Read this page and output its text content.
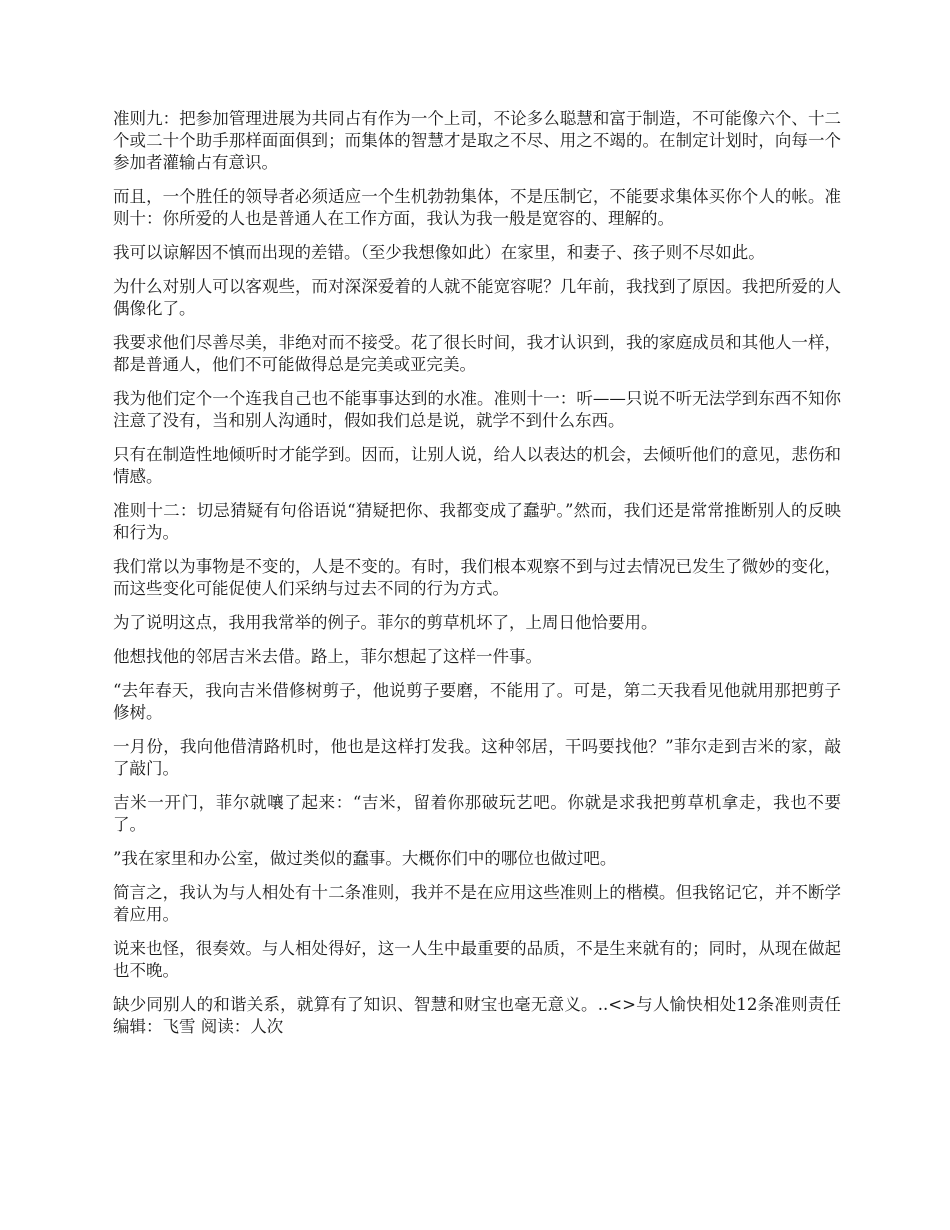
准则九：把参加管理进展为共同占有作为一个上司，不论多么聪慧和富于制造，不可能像六个、十二个或二十个助手那样面面俱到；而集体的智慧才是取之不尽、用之不竭的。在制定计划时，向每一个参加者灌输占有意识。

而且，一个胜任的领导者必须适应一个生机勃勃集体，不是压制它，不能要求集体买你个人的帐。准则十：你所爱的人也是普通人在工作方面，我认为我一般是宽容的、理解的。

我可以谅解因不慎而出现的差错。（至少我想像如此）在家里，和妻子、孩子则不尽如此。

为什么对别人可以客观些，而对深深爱着的人就不能宽容呢？几年前，我找到了原因。我把所爱的人偶像化了。

我要求他们尽善尽美，非绝对而不接受。花了很长时间，我才认识到，我的家庭成员和其他人一样，都是普通人，他们不可能做得总是完美或亚完美。

我为他们定个一个连我自己也不能事事达到的水准。准则十一：听——只说不听无法学到东西不知你注意了没有，当和别人沟通时，假如我们总是说，就学不到什么东西。

只有在制造性地倾听时才能学到。因而，让别人说，给人以表达的机会，去倾听他们的意见，悲伤和情感。

准则十二：切忌猜疑有句俗语说“猜疑把你、我都变成了蠢驴。”然而，我们还是常常推断别人的反映和行为。

我们常以为事物是不变的，人是不变的。有时，我们根本观察不到与过去情况已发生了微妙的变化，而这些变化可能促使人们采纳与过去不同的行为方式。

为了说明这点，我用我常举的例子。菲尔的剪草机坏了，上周日他恰要用。

他想找他的邻居吉米去借。路上，菲尔想起了这样一件事。

“去年春天，我向吉米借修树剪子，他说剪子要磨，不能用了。可是，第二天我看见他就用那把剪子修树。

一月份，我向他借清路机时，他也是这样打发我。这种邻居，干吗要找他？”菲尔走到吉米的家，敲了敲门。

吉米一开门，菲尔就嚷了起来：“吉米，留着你那破玩艺吧。你就是求我把剪草机拿走，我也不要了。

”我在家里和办公室，做过类似的蠢事。大概你们中的哪位也做过吧。

简言之，我认为与人相处有十二条准则，我并不是在应用这些准则上的楷模。但我铭记它，并不断学着应用。

说来也怪，很奏效。与人相处得好，这一人生中最重要的品质，不是生来就有的；同时，从现在做起也不晚。

缺少同别人的和谐关系，就算有了知识、智慧和财宝也毫无意义。..<>与人愉快相处12条准则责任编辑：飞雪 阅读：人次
